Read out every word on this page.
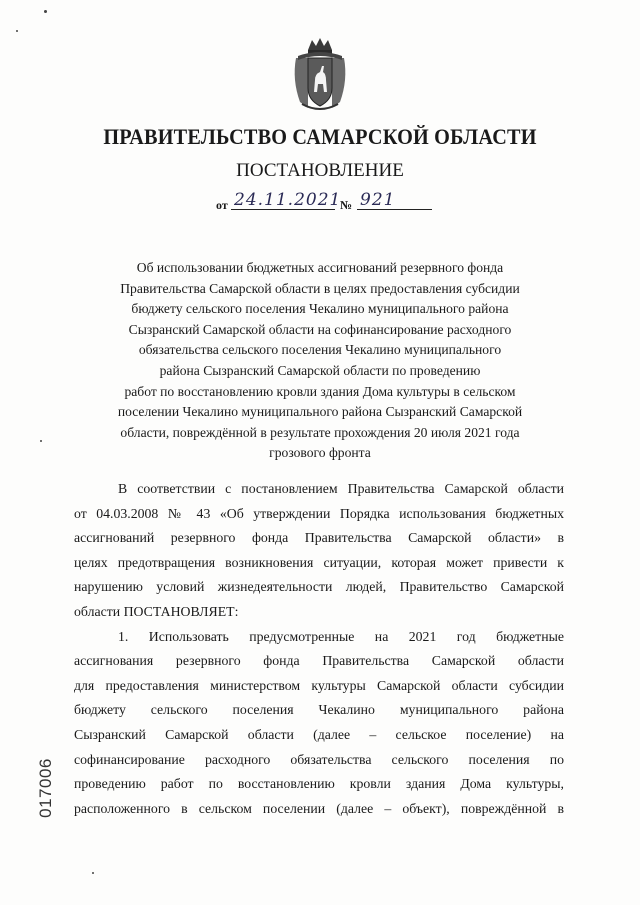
ПРАВИТЕЛЬСТВО САМАРСКОЙ ОБЛАСТИ
ПОСТАНОВЛЕНИЕ
от 24.11.2021
№ 921

Об использовании бюджетных ассигнований резервного фонда
Правительства Самарской области в целях предоставления субсидии
бюджету сельского поселения Чекалино муниципального района
Сызранский Самарской области на софинансирование расходного
обязательства сельского поселения Чекалино муниципального
района Сызранский Самарской области по проведению
работ по восстановлению кровли здания Дома культуры в сельском
поселении Чекалино муниципального района Сызранский Самарской
области, повреждённой в результате прохождения 20 июля 2021 года
грозового фронта

В соответствии с постановлением Правительства Самарской области
от 04.03.2008 № 43 «Об утверждении Порядка использования бюджетных
ассигнований резервного фонда Правительства Самарской области» в
целях предотвращения возникновения ситуации, которая может привести к
нарушению условий жизнедеятельности людей, Правительство Самарской
области ПОСТАНОВЛЯЕТ:
1. Использовать предусмотренные на 2021 год бюджетные
ассигнования резервного фонда Правительства Самарской области
для предоставления министерством культуры Самарской области субсидии
бюджету сельского поселения Чекалино муниципального района
Сызранский Самарской области (далее – сельское поселение) на
софинансирование расходного обязательства сельского поселения по
проведению работ по восстановлению кровли здания Дома культуры,
расположенного в сельском поселении (далее – объект), повреждённой в
017006
